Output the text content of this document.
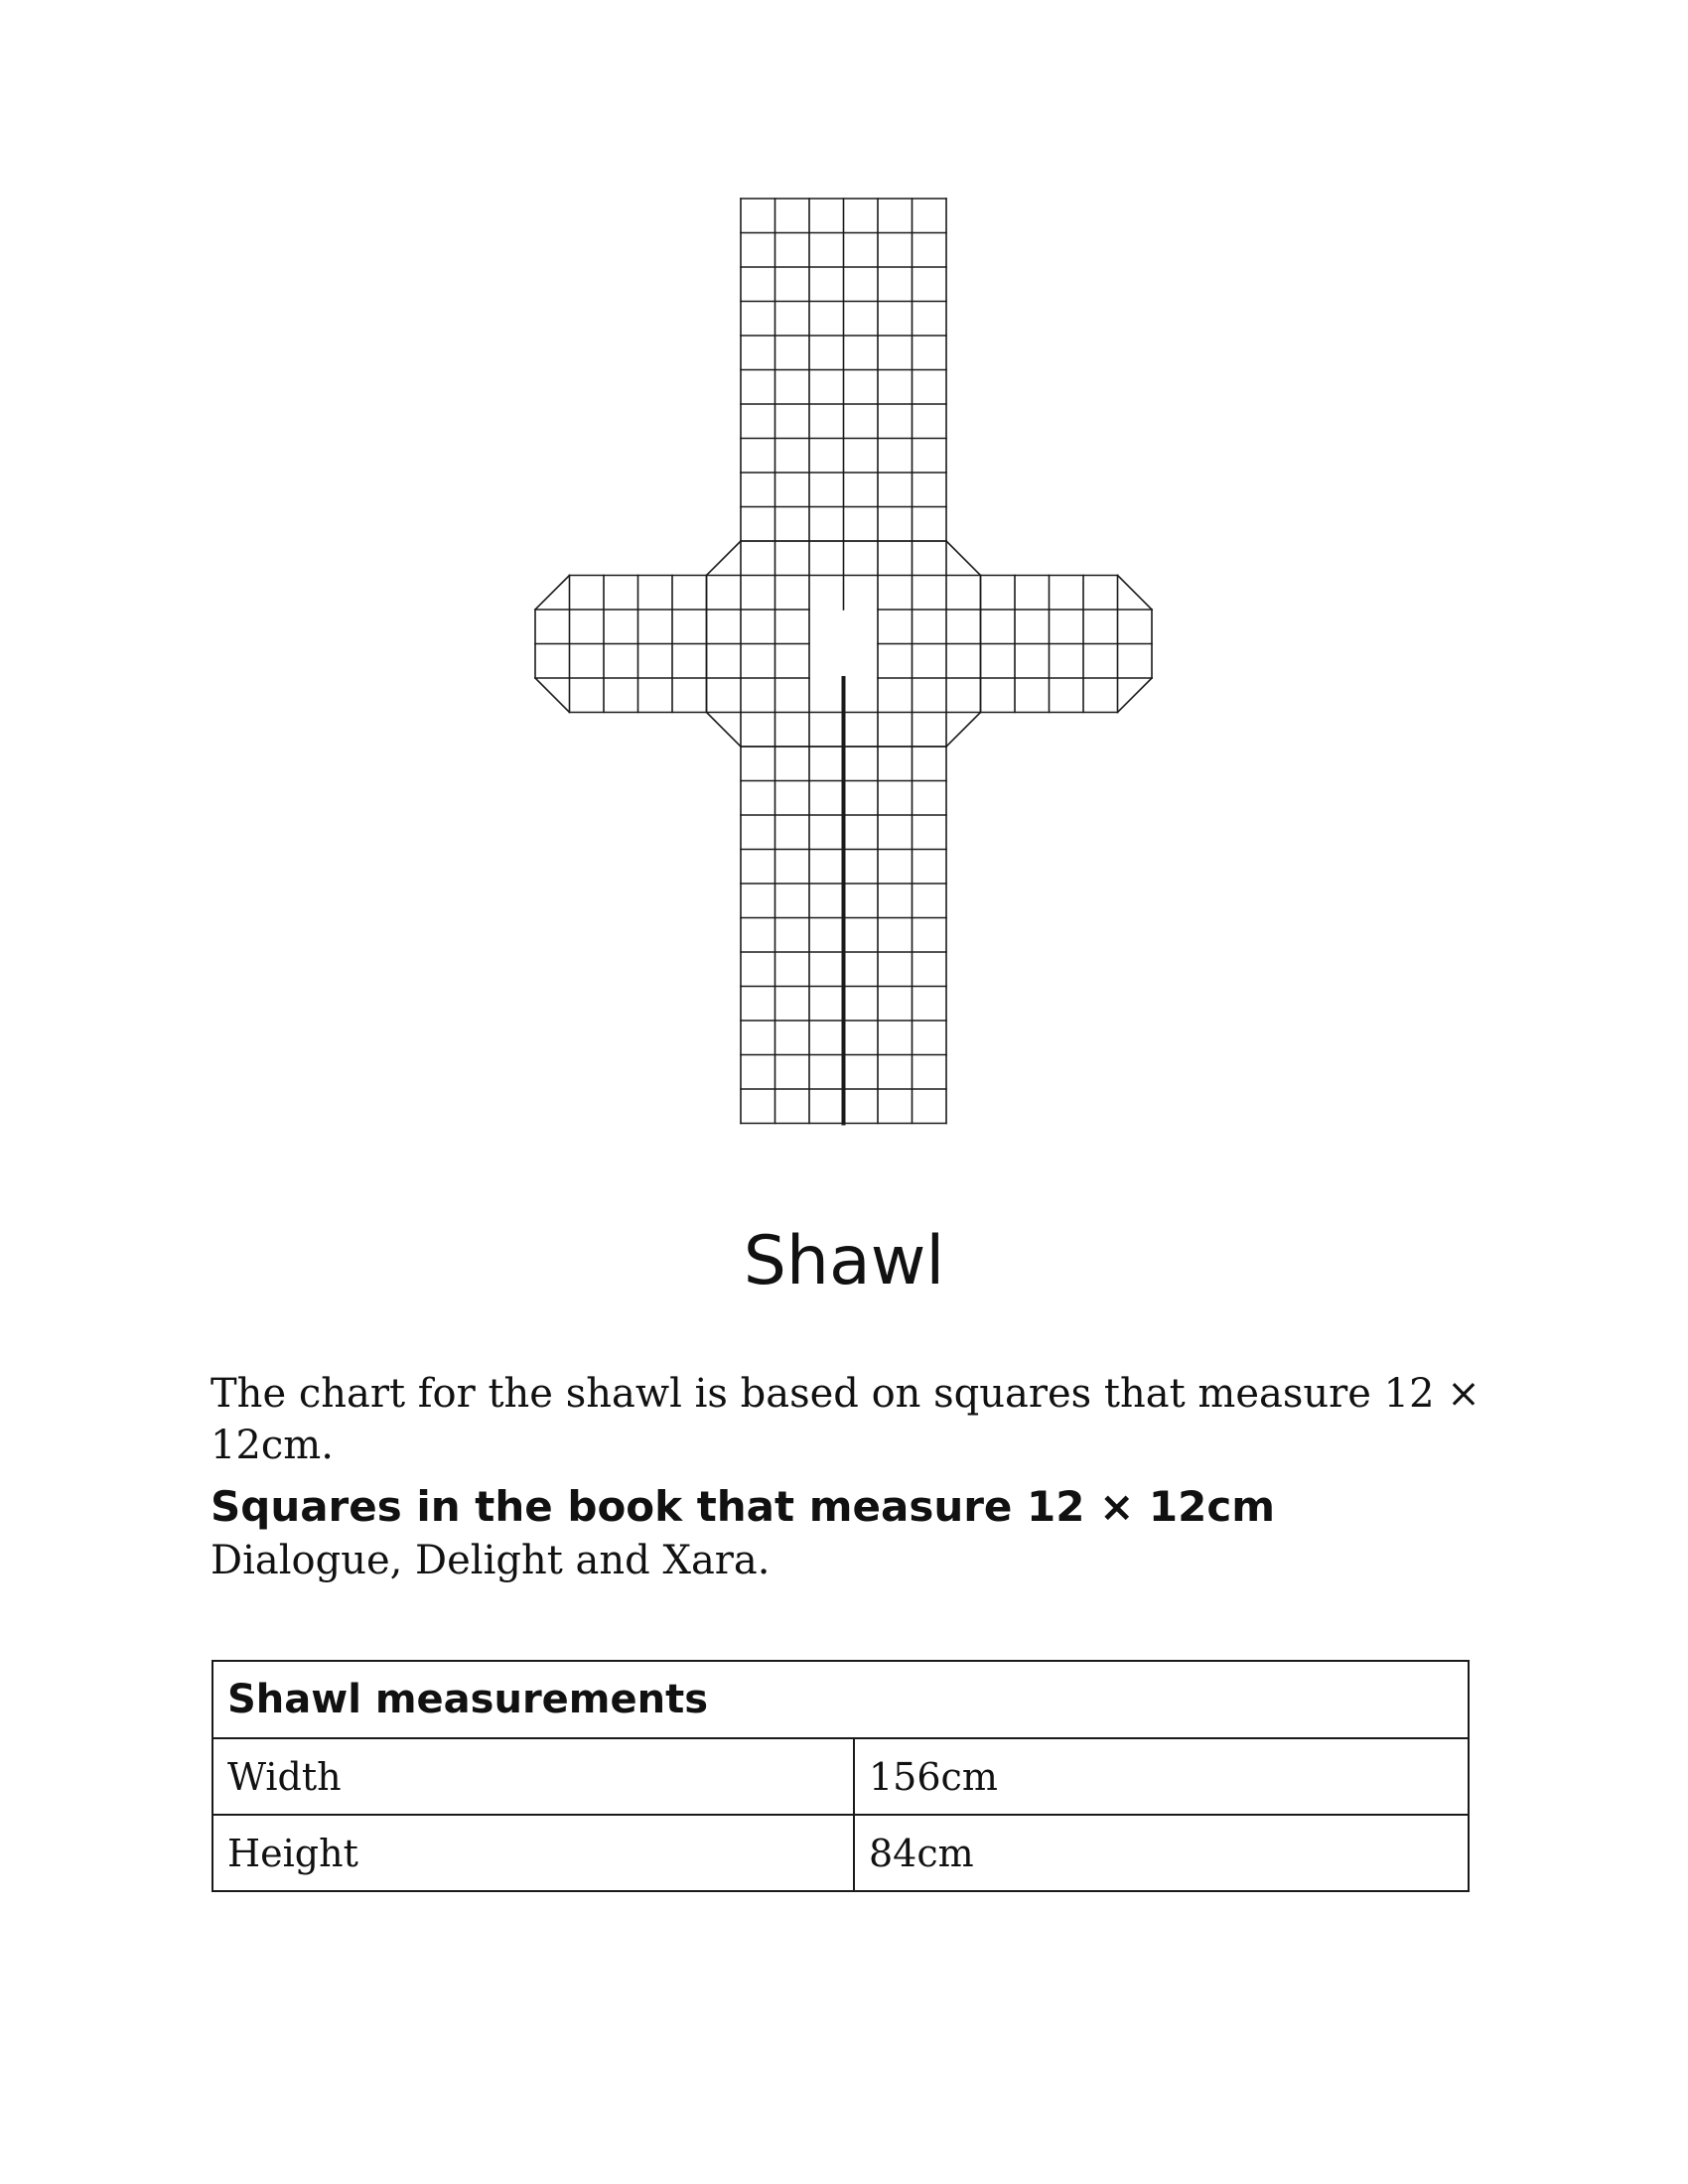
Shawl

The chart for the shawl is based on squares that measure 12 × 12cm.

Squares in the book that measure 12 × 12cm

Dialogue, Delight and Xara.

Shawl measurements	
Width	156cm
Height	84cm
